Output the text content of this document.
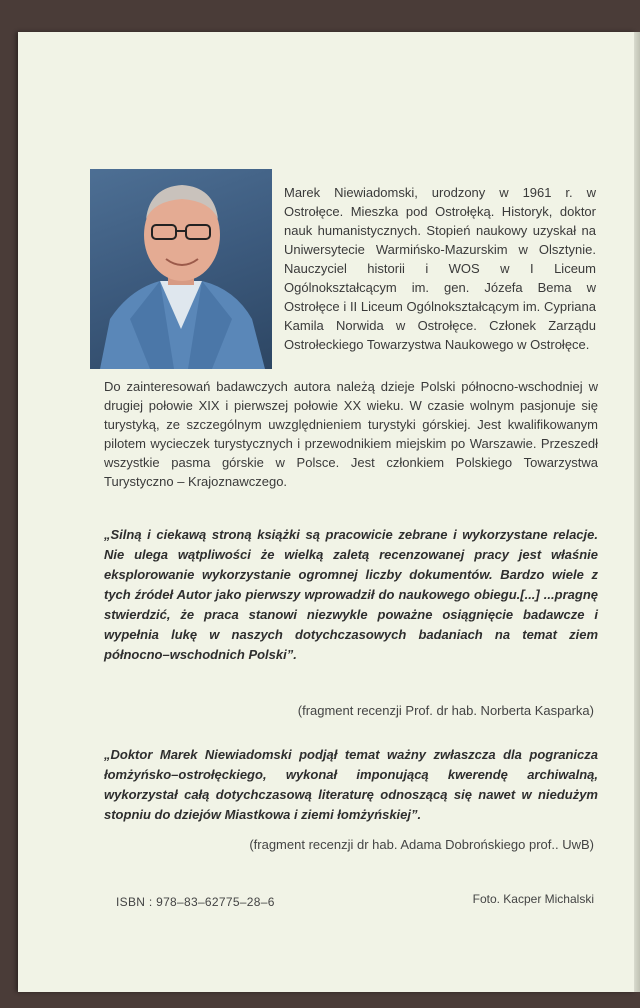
Marek Niewiadomski, urodzony w 1961 r. w Ostrołęce. Mieszka pod Ostrołęką. Historyk, doktor nauk humanistycznych. Stopień naukowy uzyskał na Uniwersytecie Warmińsko-Mazurskim w Olsztynie. Nauczyciel historii i WOS w I Liceum Ogólnokształcącym im. gen. Józefa Bema w Ostrołęce i II Liceum Ogólnokształcącym im. Cypriana Kamila Norwida w Ostrołęce. Członek Zarządu Ostrołeckiego Towarzystwa Naukowego w Ostrołęce.
Do zainteresowań badawczych autora należą dzieje Polski północno-wschodniej w drugiej połowie XIX i pierwszej połowie XX wieku. W czasie wolnym pasjonuje się turystyką, ze szczególnym uwzględnieniem turystyki górskiej. Jest kwalifikowanym pilotem wycieczek turystycznych i przewodnikiem miejskim po Warszawie. Przeszedł wszystkie pasma górskie w Polsce. Jest członkiem Polskiego Towarzystwa Turystyczno – Krajoznawczego.
„Silną i ciekawą stroną książki są pracowicie zebrane i wykorzystane relacje. Nie ulega wątpliwości że wielką zaletą recenzowanej pracy jest właśnie eksplorowanie wykorzystanie ogromnej liczby dokumentów. Bardzo wiele z tych źródeł Autor jako pierwszy wprowadził do naukowego obiegu.[...] ...pragnę stwierdzić, że praca stanowi niezwykle poważne osiągnięcie badawcze i wypełnia lukę w naszych dotychczasowych badaniach na temat ziem północno–wschodnich Polski”.
(fragment recenzji Prof. dr hab. Norberta Kasparka)
„Doktor Marek Niewiadomski podjął temat ważny zwłaszcza dla pogranicza łomżyńsko–ostrołęckiego, wykonał imponującą kwerendę archiwalną, wykorzystał całą dotychczasową literaturę odnoszącą się nawet w niedużym stopniu do dziejów Miastkowa i ziemi łomżyńskiej”.
(fragment recenzji dr hab. Adama Dobrońskiego prof.. UwB)
ISBN : 978–83–62775–28–6	Foto. Kacper Michalski
